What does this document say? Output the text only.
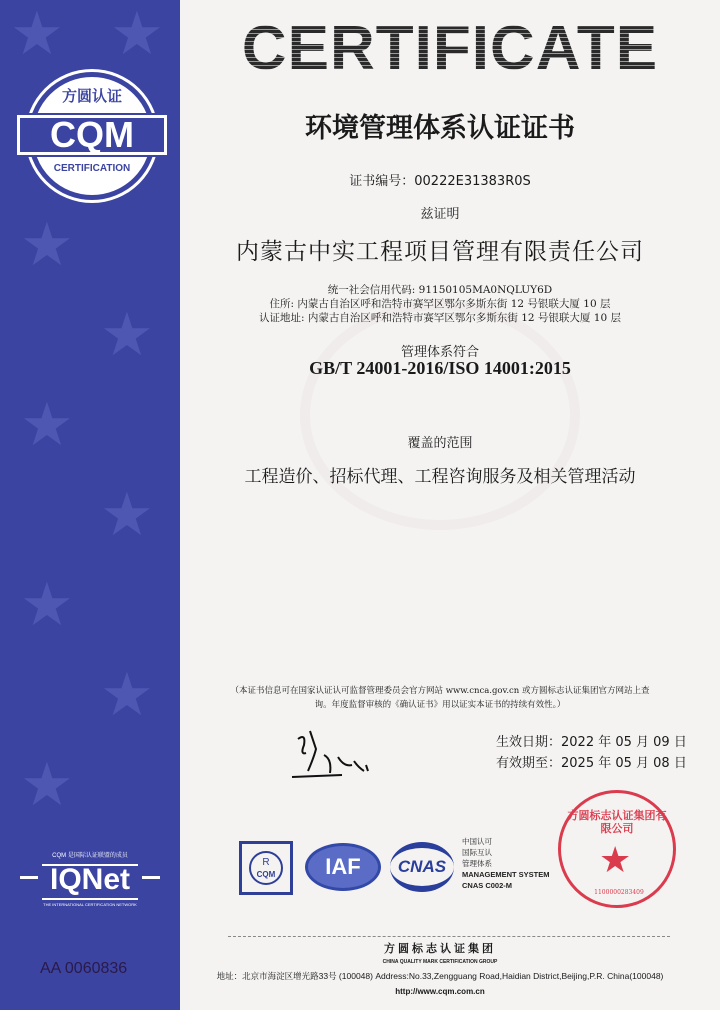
★ ★
★
★
★
★
★
★
★
方圆认证
CQM
CERTIFICATION
CQM 是国际认证联盟的成员
IQNet
THE INTERNATIONAL CERTIFICATION NETWORK
AA 0060836
CERTIFICATE
环境管理体系认证证书
证书编号：00222E31383R0S
兹证明
内蒙古中实工程项目管理有限责任公司
统一社会信用代码: 91150105MA0NQLUY6D
住所: 内蒙古自治区呼和浩特市赛罕区鄂尔多斯东街 12 号银联大厦 10 层
认证地址: 内蒙古自治区呼和浩特市赛罕区鄂尔多斯东街 12 号银联大厦 10 层
管理体系符合
GB/T 24001-2016/ISO 14001:2015
覆盖的范围
工程造价、招标代理、工程咨询服务及相关管理活动
（本证书信息可在国家认证认可监督管理委员会官方网站 www.cnca.gov.cn 或方圆标志认证集团官方网站上查
询。年度监督审核的《确认证书》用以证实本证书的持续有效性。）
生效日期：2022 年 05 月 09 日
有效期至：2025 年 05 月 08 日
R
CQM	IAF	CNAS
中国认可
国际互认
管理体系
MANAGEMENT SYSTEM
CNAS C002-M
方圆标志认证集团有限公司
★
1100000283409
方圆标志认证集团
CHINA QUALITY MARK CERTIFICATION GROUP
地址：北京市海淀区增光路33号 (100048) Address:No.33,Zengguang Road,Haidian District,Beijing,P.R. China(100048)
http://www.cqm.com.cn
